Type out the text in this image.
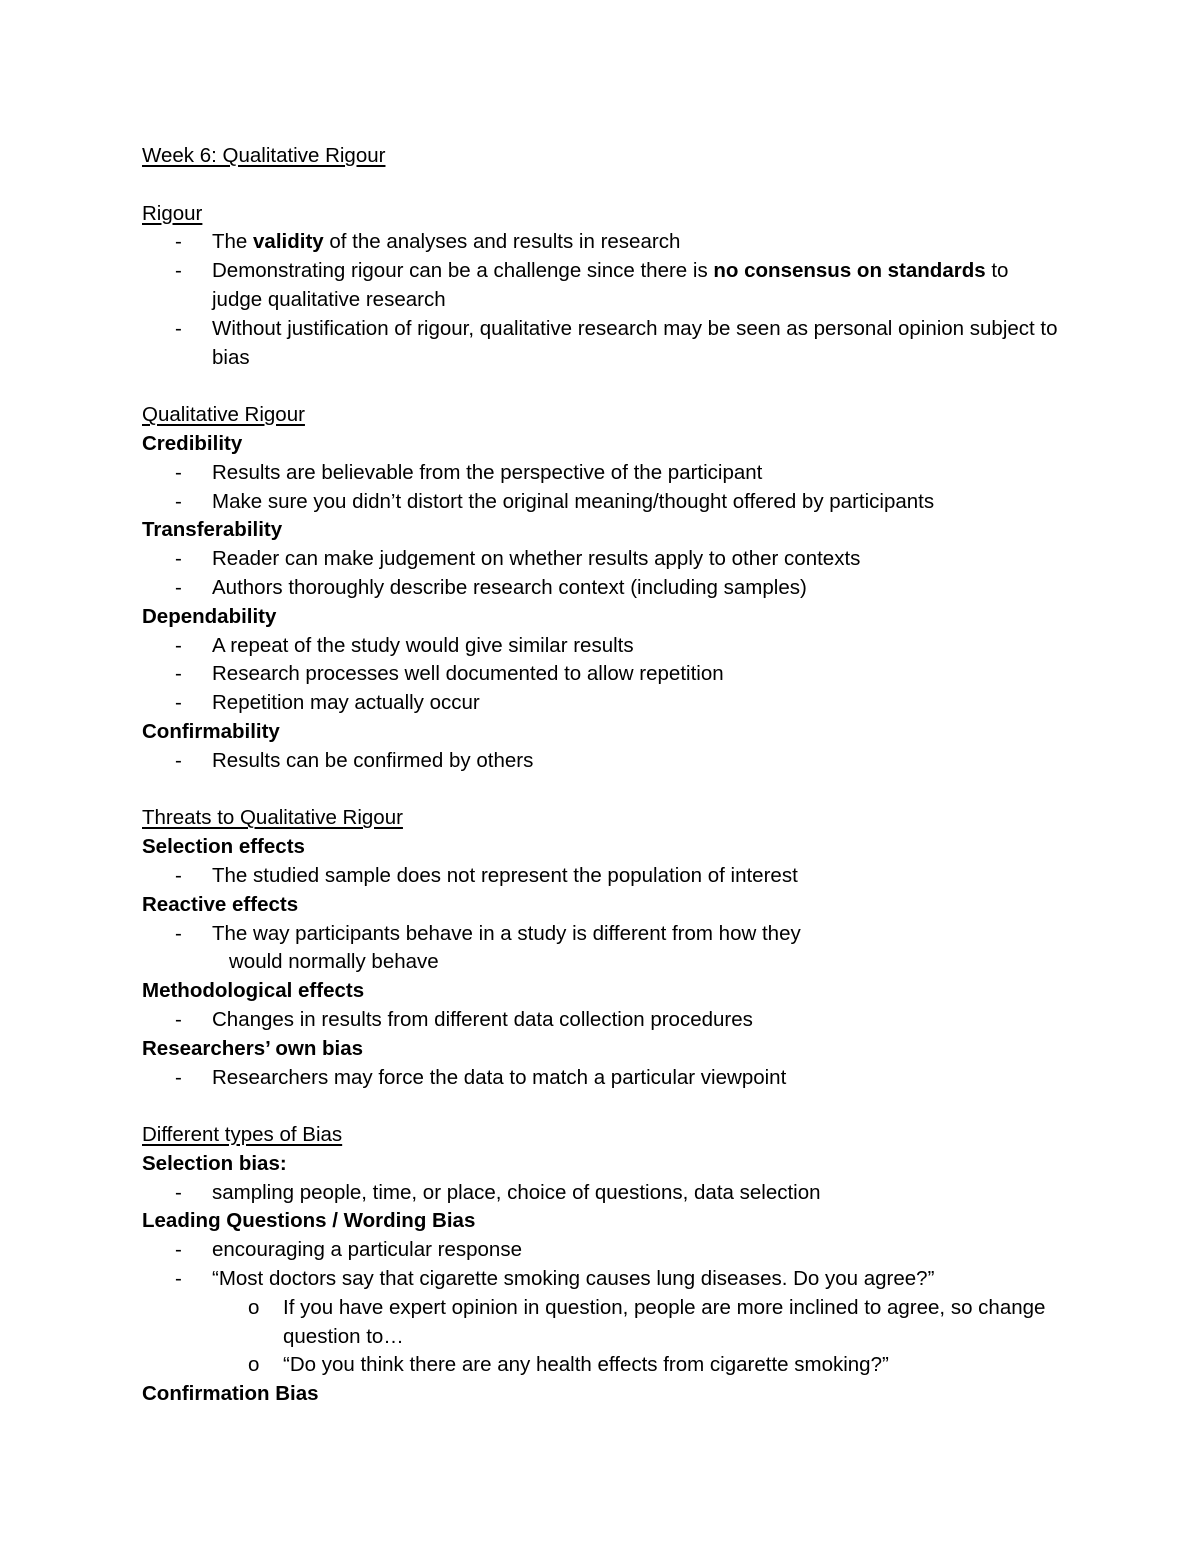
Week 6: Qualitative Rigour
Rigour
- The validity of the analyses and results in research
- Demonstrating rigour can be a challenge since there is no consensus on standards to judge qualitative research
- Without justification of rigour, qualitative research may be seen as personal opinion subject to bias
Qualitative Rigour
Credibility
- Results are believable from the perspective of the participant
- Make sure you didn’t distort the original meaning/thought offered by participants
Transferability
- Reader can make judgement on whether results apply to other contexts
- Authors thoroughly describe research context (including samples)
Dependability
- A repeat of the study would give similar results
- Research processes well documented to allow repetition
- Repetition may actually occur
Confirmability
- Results can be confirmed by others
Threats to Qualitative Rigour
Selection effects
- The studied sample does not represent the population of interest
Reactive effects
- The way participants behave in a study is different from how they
would normally behave
Methodological effects
- Changes in results from different data collection procedures
Researchers’ own bias
- Researchers may force the data to match a particular viewpoint
Different types of Bias
Selection bias:
- sampling people, time, or place, choice of questions, data selection
Leading Questions / Wording Bias
- encouraging a particular response
- “Most doctors say that cigarette smoking causes lung diseases. Do you agree?”
o If you have expert opinion in question, people are more inclined to agree, so change question to…
o “Do you think there are any health effects from cigarette smoking?”
Confirmation Bias
